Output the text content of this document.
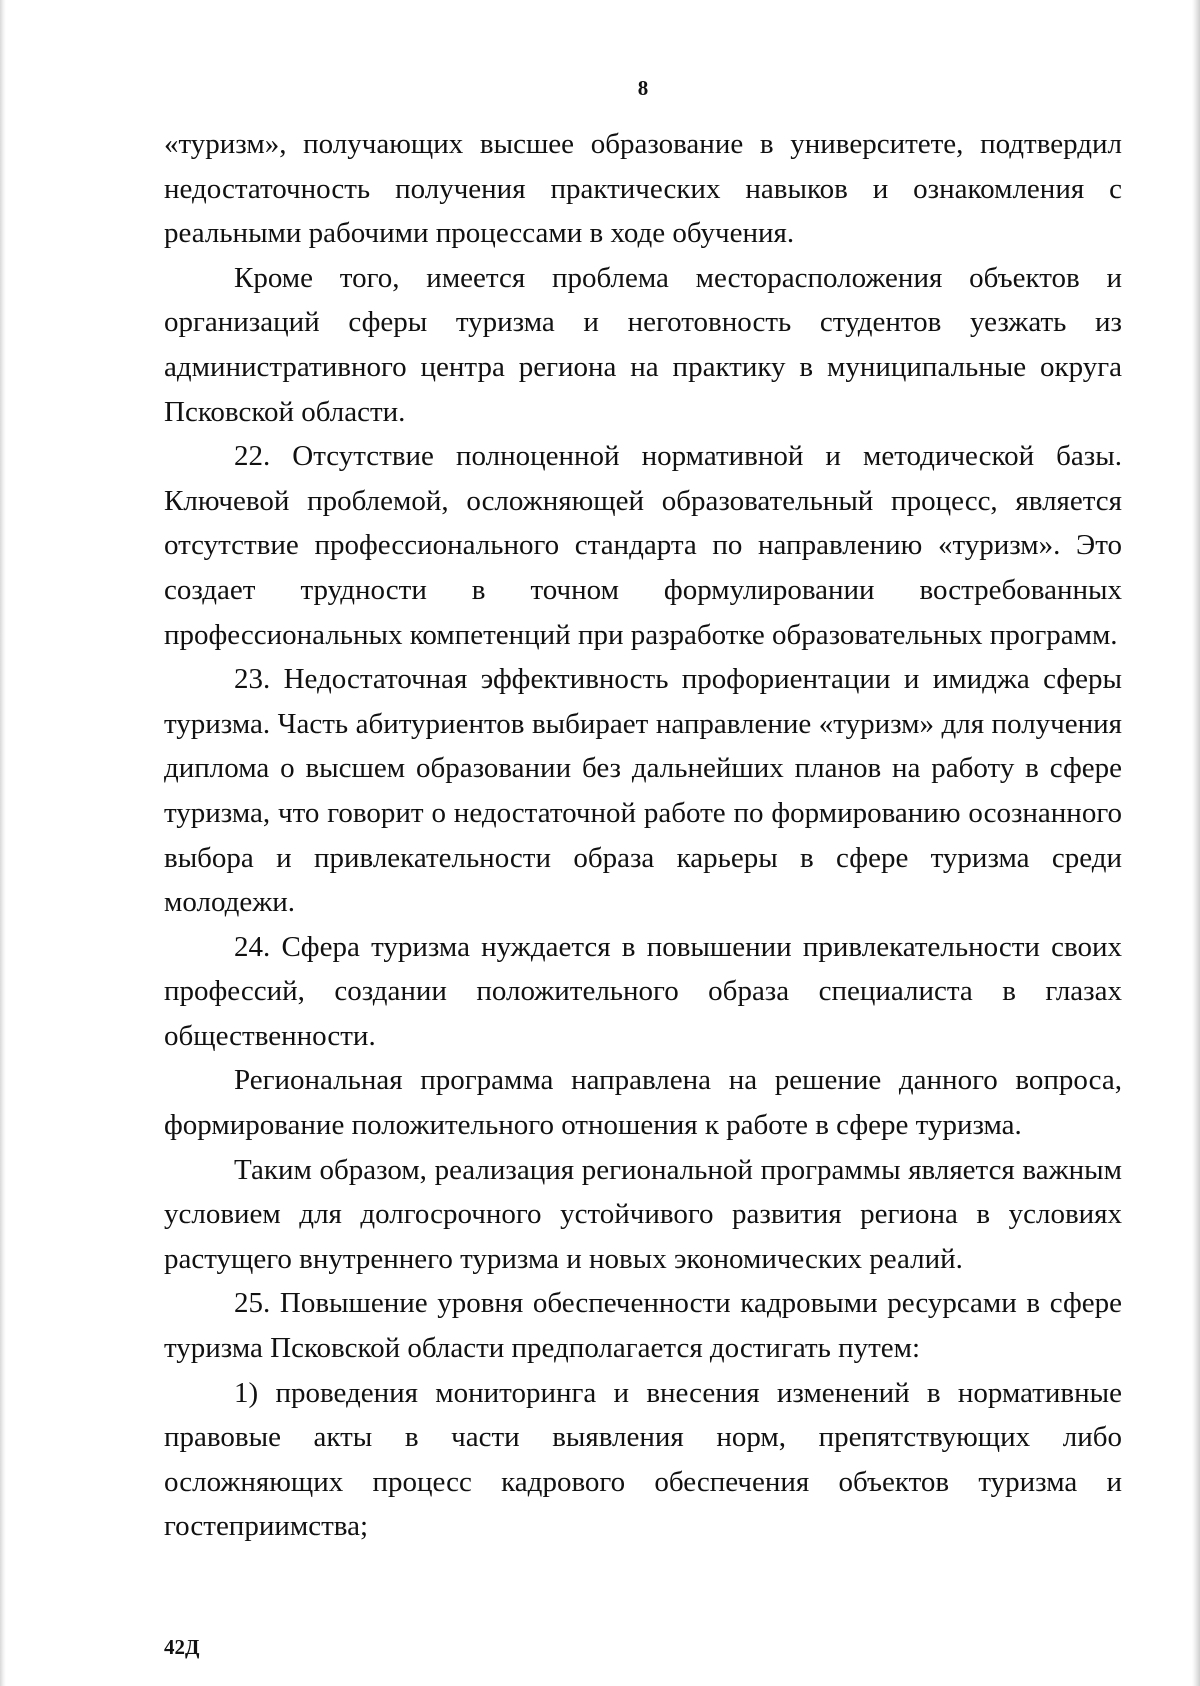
8

«туризм», получающих высшее образование в университете, подтвердил недостаточность получения практических навыков и ознакомления с реальными рабочими процессами в ходе обучения.

Кроме того, имеется проблема месторасположения объектов и организаций сферы туризма и неготовность студентов уезжать из административного центра региона на практику в муниципальные округа Псковской области.

22. Отсутствие полноценной нормативной и методической базы. Ключевой проблемой, осложняющей образовательный процесс, является отсутствие профессионального стандарта по направлению «туризм». Это создает трудности в точном формулировании востребованных профессиональных компетенций при разработке образовательных программ.

23. Недостаточная эффективность профориентации и имиджа сферы туризма. Часть абитуриентов выбирает направление «туризм» для получения диплома о высшем образовании без дальнейших планов на работу в сфере туризма, что говорит о недостаточной работе по формированию осознанного выбора и привлекательности образа карьеры в сфере туризма среди молодежи.

24. Сфера туризма нуждается в повышении привлекательности своих профессий, создании положительного образа специалиста в глазах общественности.

Региональная программа направлена на решение данного вопроса, формирование положительного отношения к работе в сфере туризма.

Таким образом, реализация региональной программы является важным условием для долгосрочного устойчивого развития региона в условиях растущего внутреннего туризма и новых экономических реалий.

25. Повышение уровня обеспеченности кадровыми ресурсами в сфере туризма Псковской области предполагается достигать путем:

1) проведения мониторинга и внесения изменений в нормативные правовые акты в части выявления норм, препятствующих либо осложняющих процесс кадрового обеспечения объектов туризма и гостеприимства;

42Д
